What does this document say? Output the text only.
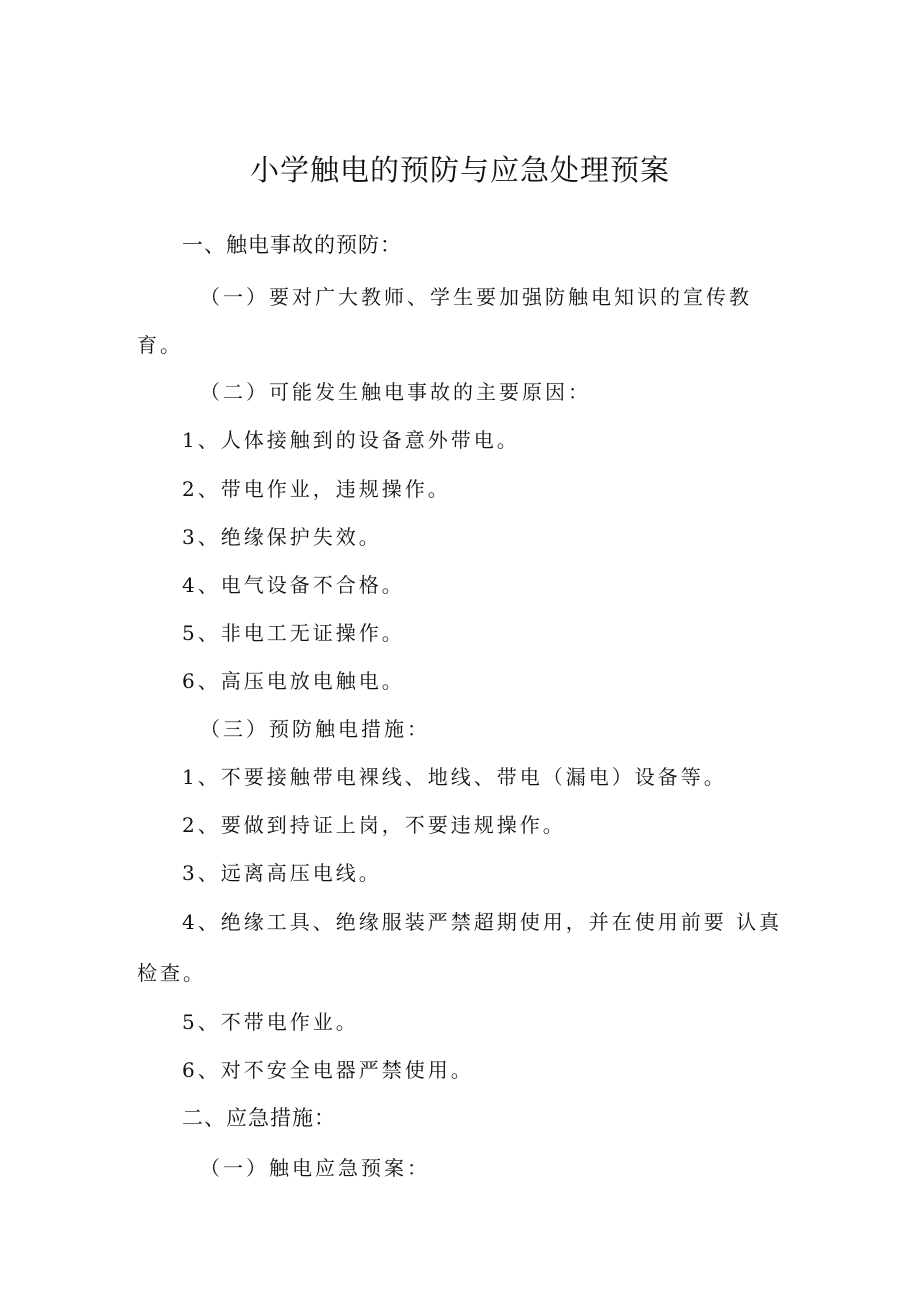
小学触电的预防与应急处理预案
一、触电事故的预防：
（一）要对广大教师、学生要加强防触电知识的宣传教
育。
（二）可能发生触电事故的主要原因：
1、人体接触到的设备意外带电。
2、带电作业，违规操作。
3、绝缘保护失效。
4、电气设备不合格。
5、非电工无证操作。
6、高压电放电触电。
（三）预防触电措施：
1、不要接触带电裸线、地线、带电（漏电）设备等。
2、要做到持证上岗，不要违规操作。
3、远离高压电线。
4、绝缘工具、绝缘服装严禁超期使用，并在使用前要 认真
检查。
5、不带电作业。
6、对不安全电器严禁使用。
二、应急措施：
（一）触电应急预案：
